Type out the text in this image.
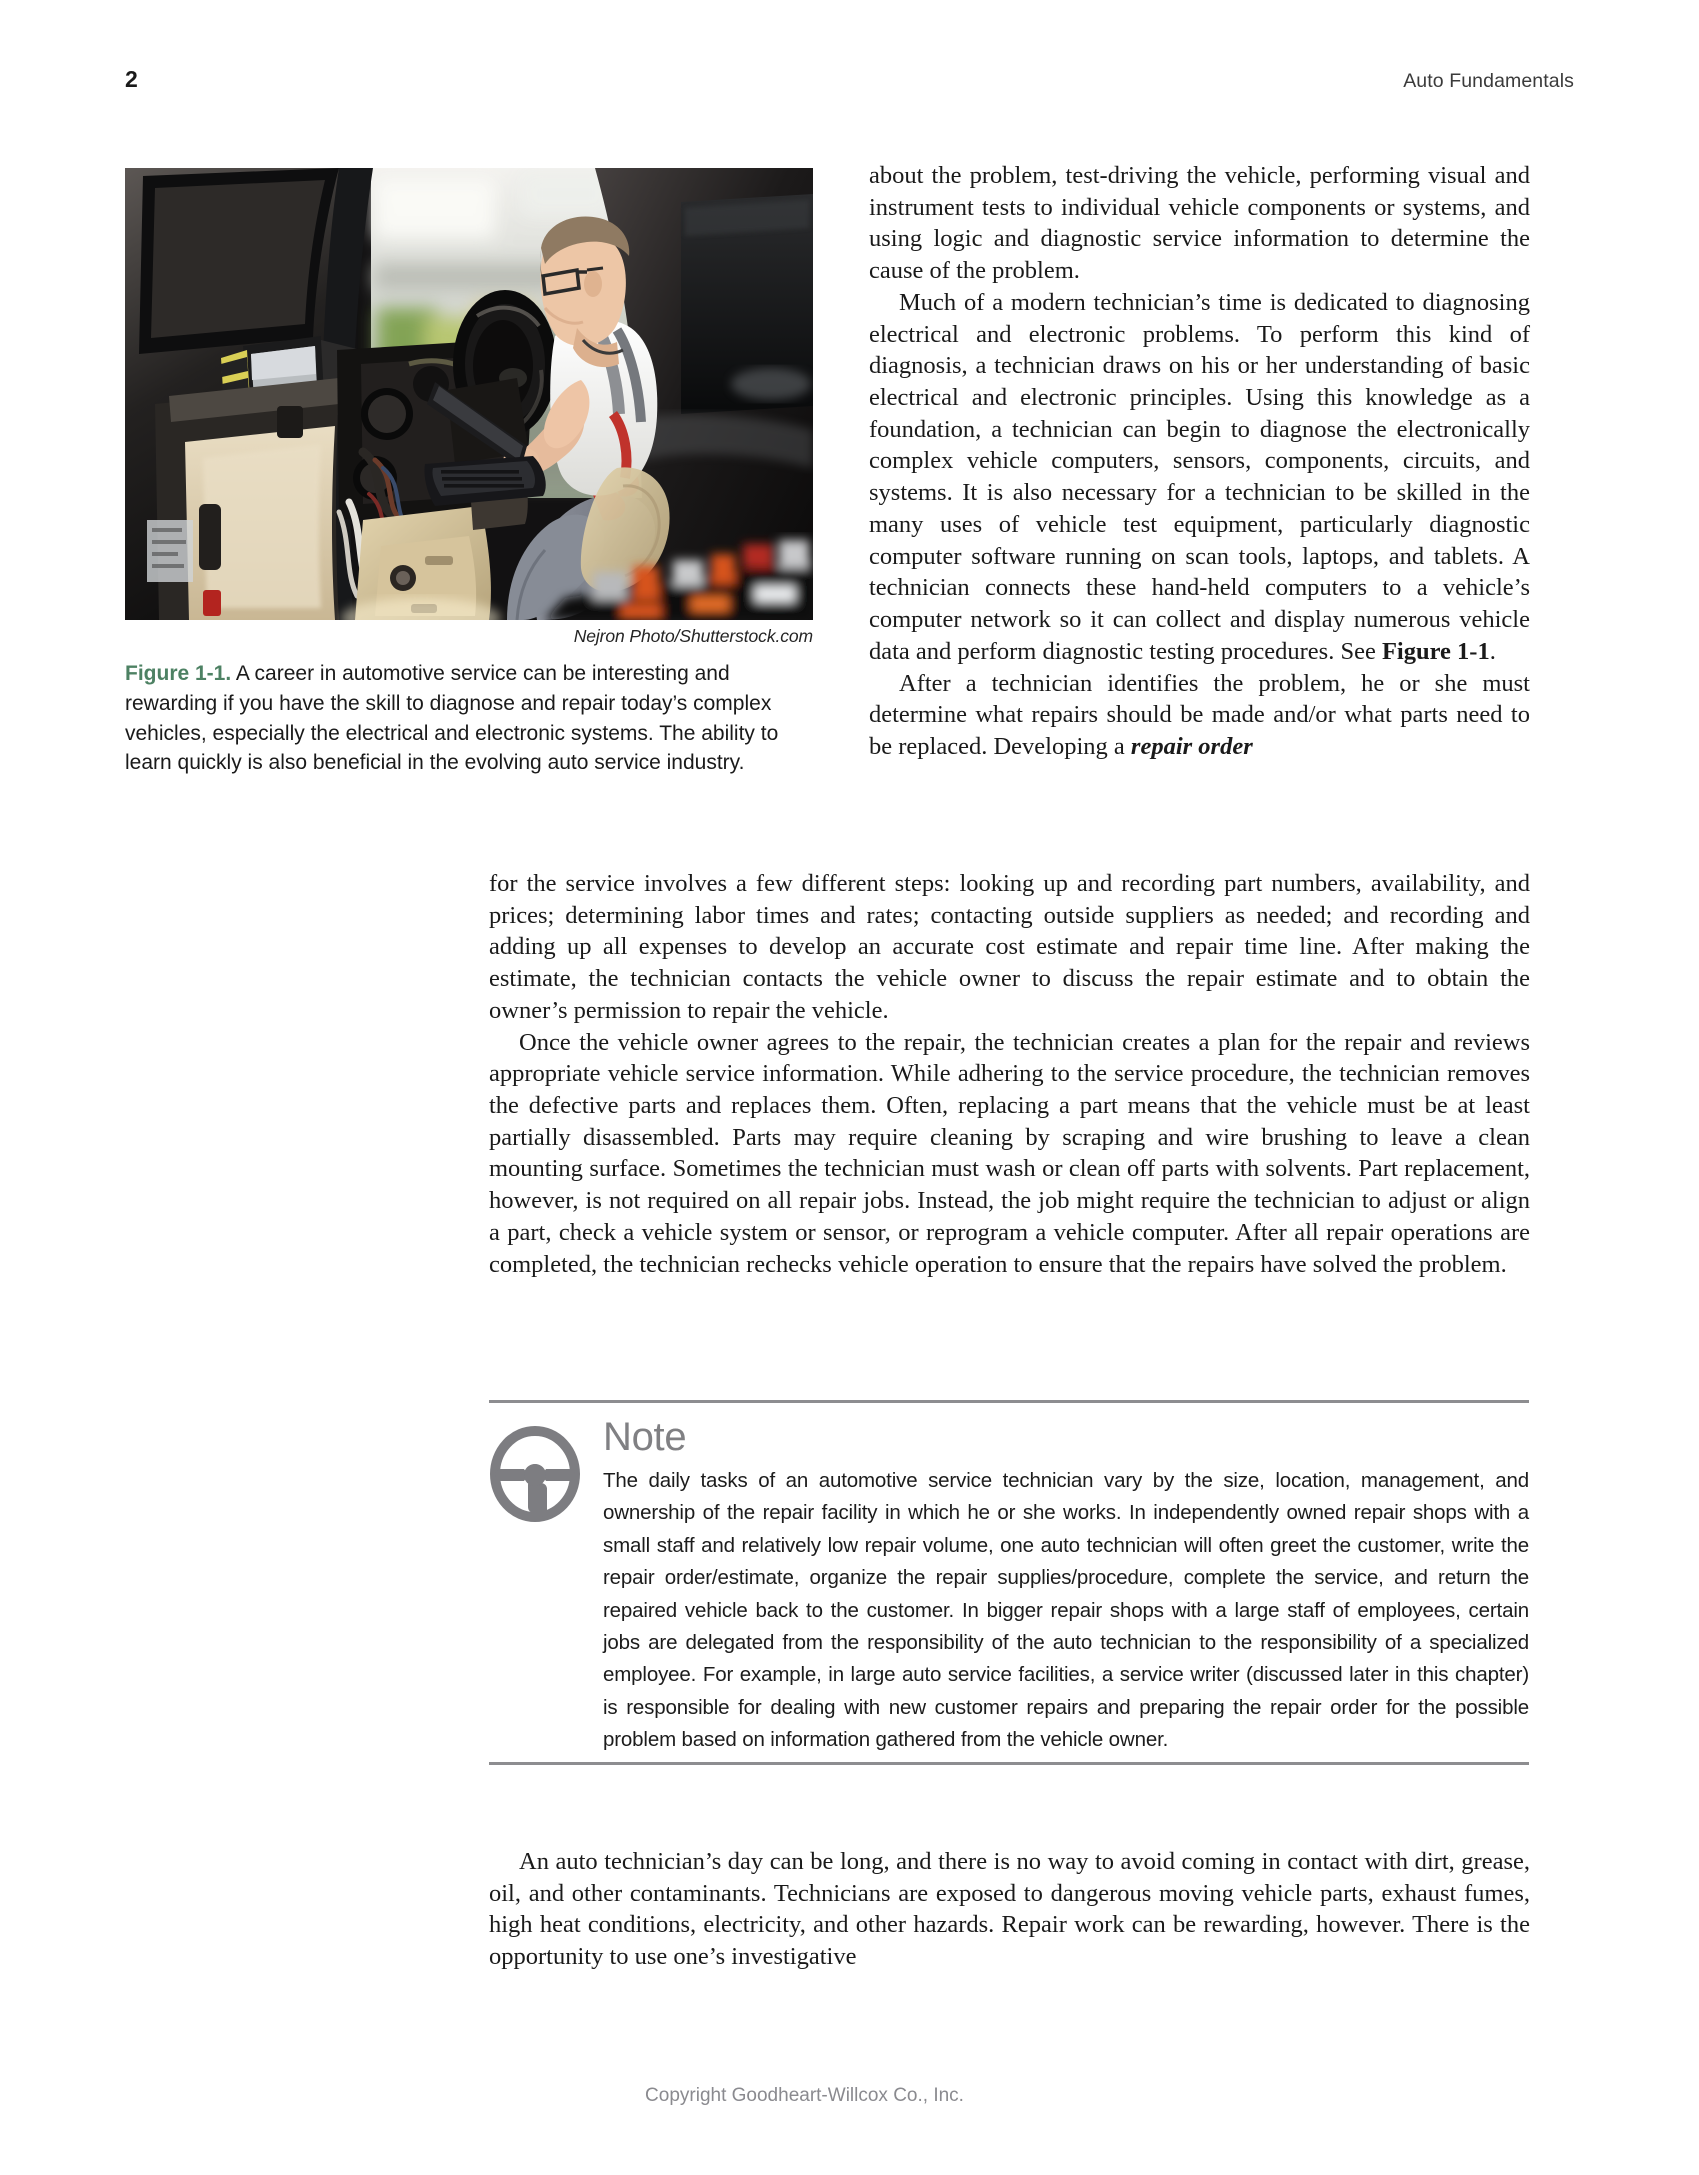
2	Auto Fundamentals
Nejron Photo/Shutterstock.com
Figure 1-1. A career in automotive service can be interesting and rewarding if you have the skill to diagnose and repair today’s complex vehicles, especially the electrical and electronic systems. The ability to learn quickly is also beneficial in the evolving auto service industry.

about the problem, test-driving the vehicle, performing visual and instrument tests to individual vehicle components or systems, and using logic and diagnostic service information to determine the cause of the problem.

Much of a modern technician’s time is dedicated to diagnosing electrical and electronic problems. To perform this kind of diagnosis, a technician draws on his or her understanding of basic electrical and electronic principles. Using this knowledge as a foundation, a technician can begin to diagnose the electronically complex vehicle computers, sensors, components, circuits, and systems. It is also necessary for a technician to be skilled in the many uses of vehicle test equipment, particularly diagnostic computer software running on scan tools, laptops, and tablets. A technician connects these hand-held computers to a vehicle’s computer network so it can collect and display numerous vehicle data and perform diagnostic testing procedures. See Figure 1-1.

After a technician identifies the problem, he or she must determine what repairs should be made and/or what parts need to be replaced. Developing a repair order

for the service involves a few different steps: looking up and recording part numbers, availability, and prices; determining labor times and rates; contacting outside suppliers as needed; and recording and adding up all expenses to develop an accurate cost estimate and repair time line. After making the estimate, the technician contacts the vehicle owner to discuss the repair estimate and to obtain the owner’s permission to repair the vehicle.

Once the vehicle owner agrees to the repair, the technician creates a plan for the repair and reviews appropriate vehicle service information. While adhering to the service procedure, the technician removes the defective parts and replaces them. Often, replacing a part means that the vehicle must be at least partially disassembled. Parts may require cleaning by scraping and wire brushing to leave a clean mounting surface. Sometimes the technician must wash or clean off parts with solvents. Part replacement, however, is not required on all repair jobs. Instead, the job might require the technician to adjust or align a part, check a vehicle system or sensor, or reprogram a vehicle computer. After all repair operations are completed, the technician rechecks vehicle operation to ensure that the repairs have solved the problem.

Note

The daily tasks of an automotive service technician vary by the size, location, management, and ownership of the repair facility in which he or she works. In independently owned repair shops with a small staff and relatively low repair volume, one auto technician will often greet the customer, write the repair order/estimate, organize the repair supplies/procedure, complete the service, and return the repaired vehicle back to the customer. In bigger repair shops with a large staff of employees, certain jobs are delegated from the responsibility of the auto technician to the responsibility of a specialized employee. For example, in large auto service facilities, a service writer (discussed later in this chapter) is responsible for dealing with new customer repairs and preparing the repair order for the possible problem based on information gathered from the vehicle owner.

An auto technician’s day can be long, and there is no way to avoid coming in contact with dirt, grease, oil, and other contaminants. Technicians are exposed to dangerous moving vehicle parts, exhaust fumes, high heat conditions, electricity, and other hazards. Repair work can be rewarding, however. There is the opportunity to use one’s investigative

Copyright Goodheart-Willcox Co., Inc.
